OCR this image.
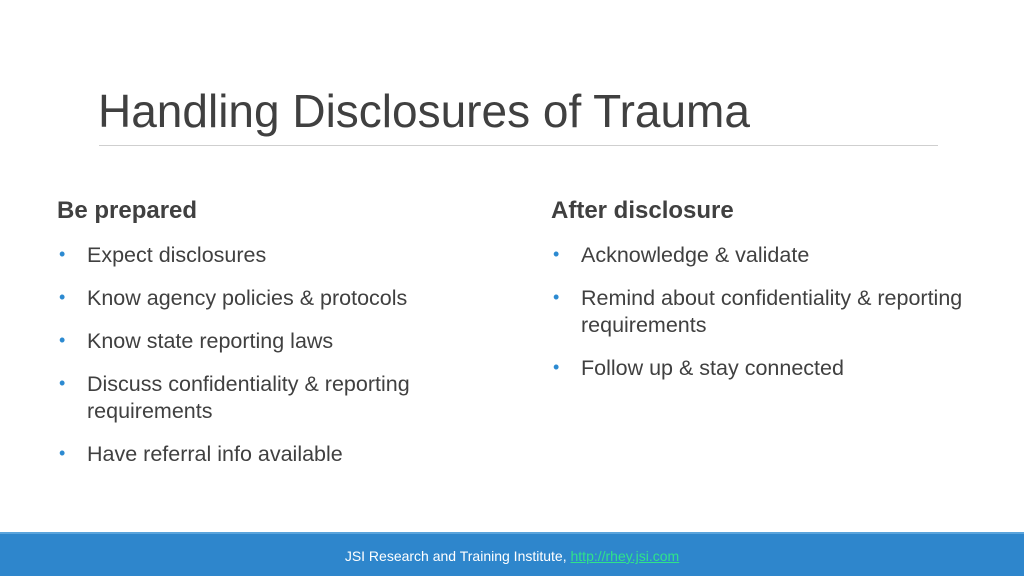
Handling Disclosures of Trauma
Be prepared
• Expect disclosures
• Know agency policies & protocols
• Know state reporting laws
• Discuss confidentiality & reporting requirements
• Have referral info available
After disclosure
• Acknowledge & validate
• Remind about confidentiality & reporting requirements
• Follow up & stay connected
JSI Research and Training Institute, http://rhey.jsi.com
